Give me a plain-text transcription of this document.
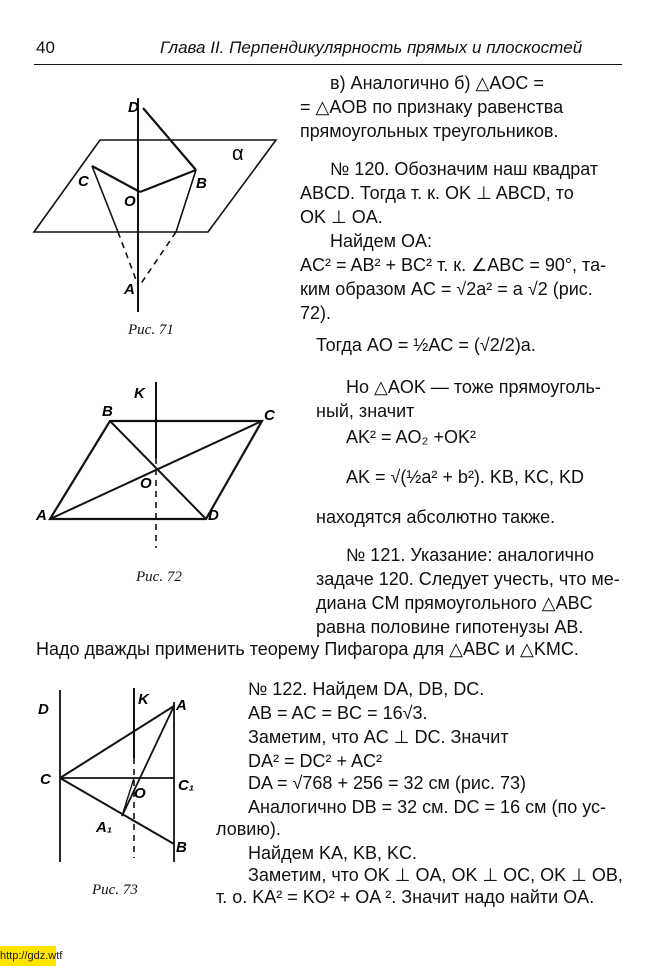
40	Глава II. Перпендикулярность прямых и плоскостей
D
C
O
B
A
α
Рис. 71
K
B	C
O
A	D
Рис. 72
D
K A
C
O C₁
A₁
B
Рис. 73
в) Аналогично б) △AOC =
= △AOB по признаку равенства
прямоугольных треугольников.
№ 120. Обозначим наш квадрат
ABCD. Тогда т. к. OK ⊥ ABCD, то
OK ⊥ OA.
Найдем OA:
AC² = AB² + BC² т. к. ∠ABC = 90°, та-
ким образом AC = √2a² = a √2 (рис.
72).
Тогда AO = ½AC = (√2/2)a.
Но △AOK — тоже прямоуголь-
ный, значит
AK² = AO₂ +OK²
AK = √(½a² + b²). KB, KC, KD
находятся абсолютно также.
№ 121. Указание: аналогично
задаче 120. Следует учесть, что ме-
диана CM прямоугольного △ABC
равна половине гипотенузы AB.
Надо дважды применить теорему Пифагора для △ABC и △KMC.
№ 122. Найдем DA, DB, DC.
AB = AC = BC = 16√3.
Заметим, что AC ⊥ DC. Значит
DA² = DC² + AC²
DA = √768 + 256 = 32 см (рис. 73)
Аналогично DB = 32 см. DC = 16 см (по ус-
ловию).
Найдем KA, KB, KC.
Заметим, что OK ⊥ OA, OK ⊥ OC, OK ⊥ OB,
т. о. KA² = KO² + OA ². Значит надо найти OA.
http://gdz.wtf
